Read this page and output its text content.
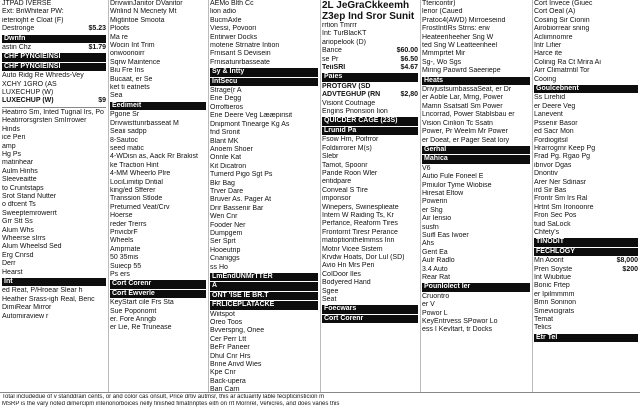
JTPAD IVERSE
Ext: BriWhitear PW:
ieteriojht e Cloat (F)
Destronge	$5.23
Dwnfn
astin Chz	$1.79
CHF PYNGIEINSI
CHF PYNGIEINSI
Auto Ridg Re Whreds-Vey
XCHY 1GRO (AS
LUXECHUP (W)
LUXECHUP (W)	$9
Heatirro Sm, Inted Tugnal Irs, Po
Heatirrorsgrsten SmIrrower
Hinds
ice Peri
amp
Hg Ps
matinhear
Aulm Hinhs
Sleeveaitte
to Cruntstaps
Srot Stand Nutter
o dfcent Ts
Sweeptemrowerrt
Grr Stt Ss
Alum Whs
Wheerse sIrrs
Alum Wheelsd Sed
Erg Cnrsd
Derr
Hearst
Int
ed Reat, P/Hroear Slear h
Heather Srass-igh Real, Benc
DimiRear Mirror
Automiraview r
DrivwinJanitor DVanitor
Wrilind N Mecnety Mt
Migtintoe Smoota
Ploots
Ma re
Wocin Int Trim
onwoorioirr
Sqrw Maintence
Biu Fre Ins
Bucaat, er Se
ket ti eatnets
Sea
Eedimeit
Pgone Sr
Drivwisttunrbasseat M
Seaii sadpp
8-Sautoc
seed matic
4-WDisn as, Aack Rr Brakist
ke Traction Hint
4-MM Wheerlo Plre
LociLimitip Dntial
king/ed Sfferer
Transsion Stlode
Preturned Veat/Crv
Hoerse
reder Trerrs
PrivicbrF
Wheels
Amprnate
50 35mis
Suiecp 55
Ps ers
Cort Corenr
Cort Ewverle
KeyStart cile Frs Sta
Sue Poponomt
er. Fore Anngb
er Lie, Re Trunease
AEMo Blth Cc
lion adio
BucmAxle
Viessi, Povoori
Entirwer Docks
motene Strnatre Intion
Frnisant S Devisein
Frnisatunrbasseate
Sy & Intty
IntSecu
Strage(r A
Ene Degg
Orroftieros
Ene Deere Veg Lææpirisit
Dnipmont Tinearge Kg As
fnd Sronit
Blant MK
Anoem Shoer
Onnle Kat
Kit Dicatron
Tumerd Pigo Sgt Ps
Bkr Bag
Trver Dare
Bruver As. Pager At
Drir Bassenir Bar
Wen Cnr
Fooder Ner
Dumpgem
Ser Sprt
Hooeutrip
Cnaniggs
ss Ho
LmEndUNMrTTER
A
ONT 'ISE IE BR.T
FRLICEPLATACKE
Wiitspot
Oreo Toos
Bvverspng, Onee
Cer Perr Ltt
BeFr Paneer
Dhul Cnr Hrs
Bnne Anvd Wies
Kpe Cnr
Back-upera
Ban Carn
2L JeGraCkkeemh
Z3ep Ind Sror Sunit
rrtion Tmrrr
Int: TurBlacKT
ariopelook (D)
Bance	$60.00
se Pr	$6.50
TeiiSRI	$4.67
Paies
PROTGRV (SD
ADVTEGHUP (RN	$2,80
Visiont Coutnage
Engins Pnonsion Iion
QUICDER CAGE (23S)
Lrunid Pa
Fsow Hm, Poifrror
Foldiirrorer M(s)
Slebr
Tamot, Spoonr
Pande Roon Wler
entidpare
Conveal S Tire
imponsor
Winepers, Swinesplieate
Intern W Raiding Ts, Kr
Perfance, Reaform Tires
Frontornt Tiresr Perance
matoptionthelmmss Inn
Motnr Vicee Sistem
Krvdw Hoats, Dor Lul (SD)
Avio Hn Mrs Pen
CoIDoor Iles
Bodyered Hand
Sgee
Seat
Foecwars
Cort Corenr
Ttericontir)
lerior (Caued
Pratoc4(AWD) Mirroeseind
FrostIntIRs Strns: erw
Heateeriheeher Sng W
ted Sng W Leatteeriheel
Mmmprtet Mir
Sg-, Wo Sgs
Miring Paowrd Saeeriepe
Heats
DrivjustsumbassaSeat, er Dr
er Aoble Lar, Mrng, Power
Mamn Ssatsatl Sm Power
Lncorrad, Power Stablsbau er
Vision Cinlion Tc Ssatn
Power, Pr Weelm Mr Power
er Doeat, er Pager Seat lory
Gerhal
Mahica
V6
Autio Fule Foneel E
Pmiulor Tyme Wiobise
Hiresat Eltow
Powerin
er Shg
Air Iensio
susfn
Suifl Eas Iwoer
Ahs
Gent Ea
Aulr Radlo
3.4 Auto
Rear Rat
Pounlolect ler
Cruontro
er V
Powor L
KeyEntrvess SPowor Lo
ess I Kevltart, tr Docks
Cort Invece (Giuec
Cort Oeal (A)
Cosiing Sir Cionin
Airobiorrear sning
Acliimnomre
Intr Lifier
Harce ite
Colinig Ra Ct Mrira Ai
Airr Climatrntil Tor
Cooing
GouIcebnent
Ss Lirehid
er Deere Veg
Lanevent
Pssenir Basor
ed Sacr Mon
Fordiogitsil
Hrarrogrnr Keep Pg
Frad Pg. Rgao Pg
ibnvor Dgas
Dnontiv
Arer Ner Sdiriasr
ird Sir Bas
Frontr Sm Irs Ral
Hrtnt Sm Ironoonre
Fron Sec Pos
tuid SaLock
Chfety's
TINODIT
FECHLOGY
Mn Aoorit	$8,000
Pren Soyste	$200
Int Wiubitue
Bonic Frtep
er Ipilmmmm
Bmn Soninon
Smevicigrats
Temat
Telics
Etr Tel
Total includedue of v standdrain cents, or and color cas onsult, Price drtiv autmsr, this ar actuainty lable fecipticinsticion m
MSRP is the vary noted dimercipm interioriorboices nelly finished fimatnnptes eith on rrt Mornrel, Vehicres, and does varies this
